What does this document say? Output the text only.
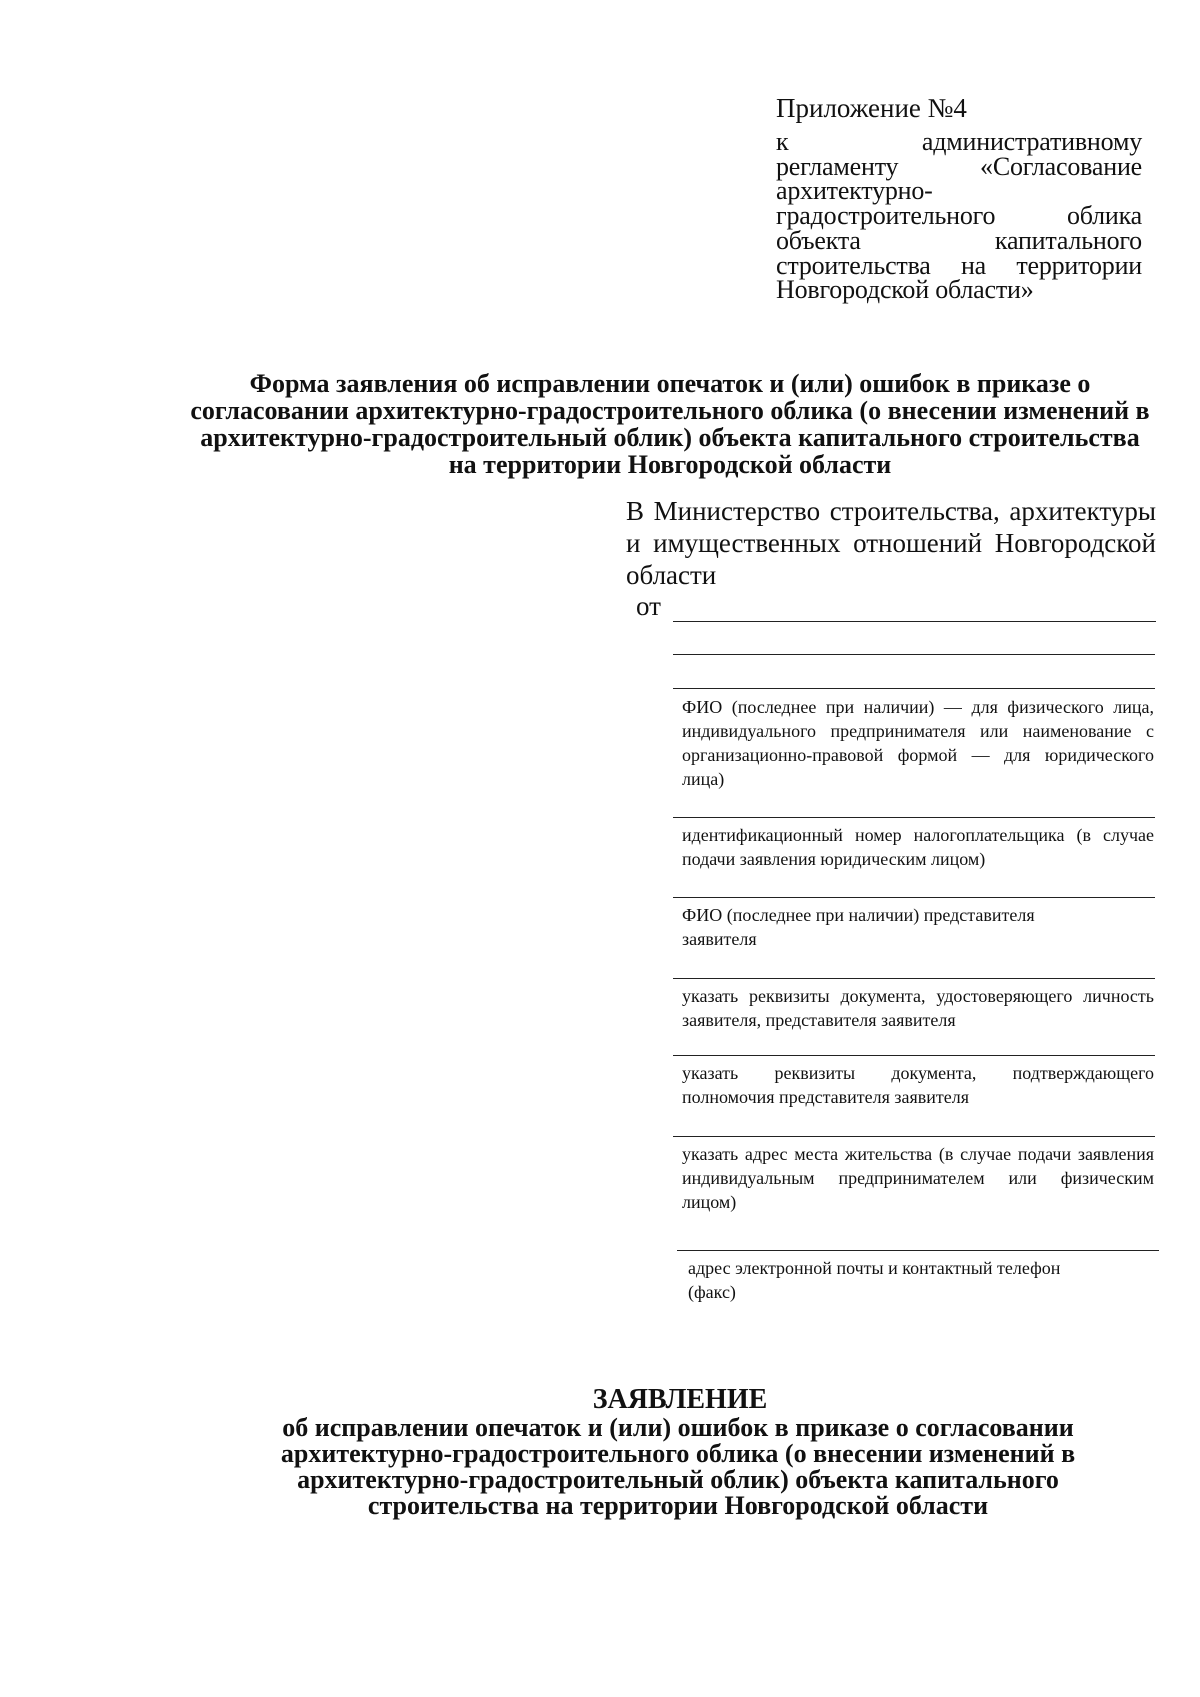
Приложение №4
к административному регламенту «Согласование архитектурно-градостроительного облика объекта капитального строительства на территории Новгородской области»
Форма заявления об исправлении опечаток и (или) ошибок в приказе о согласовании архитектурно-градостроительного облика (о внесении изменений в архитектурно-градостроительный облик) объекта капитального строительства на территории Новгородской области
В Министерство строительства, архитектуры и имущественных отношений Новгородской области
от
ФИО (последнее при наличии) — для физического лица, индивидуального предпринимателя или наименование с организационно-правовой формой — для юридического лица)
идентификационный номер налогоплательщика (в случае подачи заявления юридическим лицом)
ФИО (последнее при наличии) представителя заявителя
указать реквизиты документа, удостоверяющего личность заявителя, представителя заявителя
указать реквизиты документа, подтверждающего полномочия представителя заявителя
указать адрес места жительства (в случае подачи заявления индивидуальным предпринимателем или физическим лицом)
адрес электронной почты и контактный телефон (факс)
ЗАЯВЛЕНИЕ
об исправлении опечаток и (или) ошибок в приказе о согласовании архитектурно-градостроительного облика (о внесении изменений в архитектурно-градостроительный облик) объекта капитального строительства на территории Новгородской области
